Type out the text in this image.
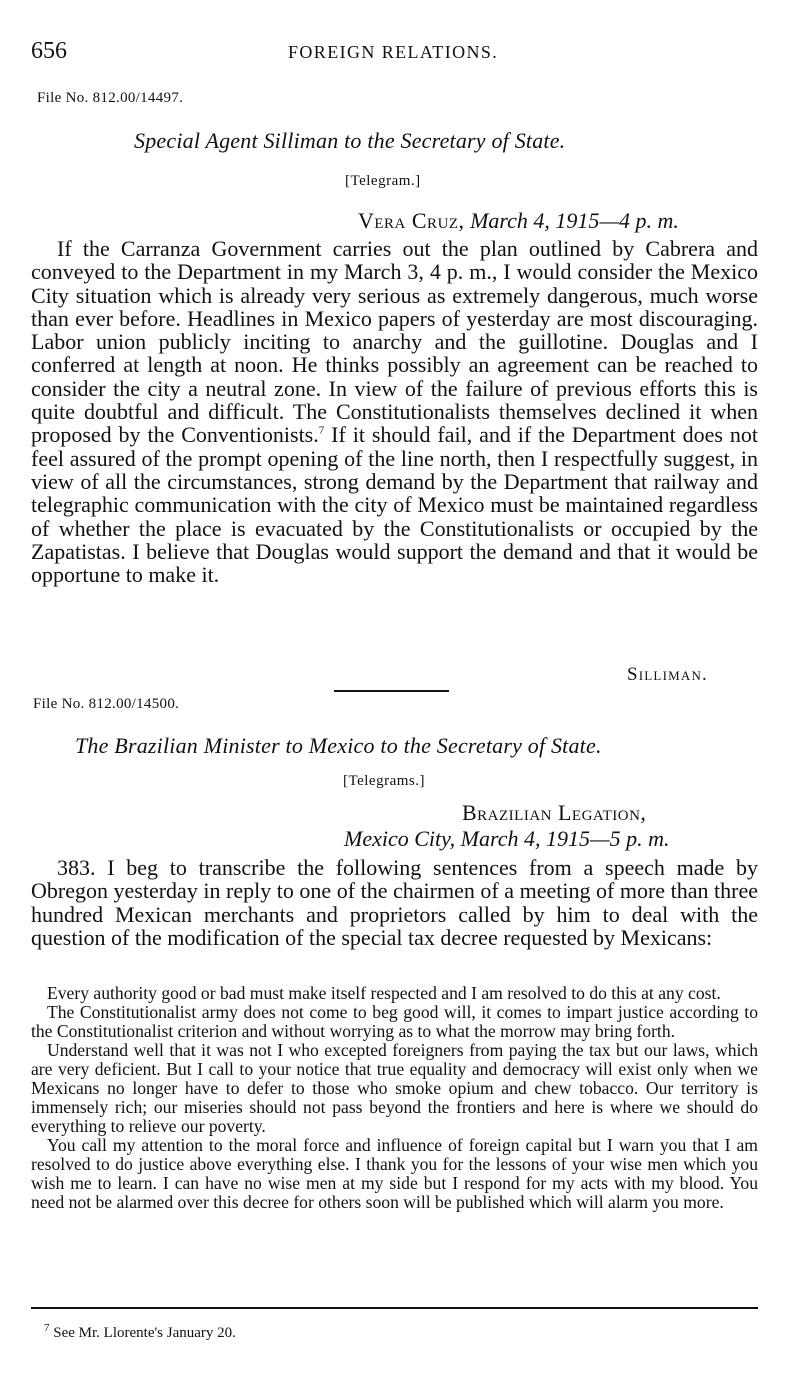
656	FOREIGN RELATIONS.
File No. 812.00/14497.
Special Agent Silliman to the Secretary of State.
[Telegram.]
Vera Cruz, March 4, 1915—4 p. m.
If the Carranza Government carries out the plan outlined by Cabrera and conveyed to the Department in my March 3, 4 p. m., I would consider the Mexico City situation which is already very serious as extremely dangerous, much worse than ever before. Headlines in Mexico papers of yesterday are most discouraging. Labor union publicly inciting to anarchy and the guillotine. Douglas and I conferred at length at noon. He thinks possibly an agreement can be reached to consider the city a neutral zone. In view of the failure of previous efforts this is quite doubtful and difficult. The Constitutionalists themselves declined it when proposed by the Conventionists.$^7$ If it should fail, and if the Department does not feel assured of the prompt opening of the line north, then I respectfully suggest, in view of all the circumstances, strong demand by the Department that railway and telegraphic communication with the city of Mexico must be maintained regardless of whether the place is evacuated by the Constitutionalists or occupied by the Zapatistas. I believe that Douglas would support the demand and that it would be opportune to make it.
Silliman.
File No. 812.00/14500.
The Brazilian Minister to Mexico to the Secretary of State.
[Telegrams.]
Brazilian Legation,
Mexico City, March 4, 1915—5 p. m.
383. I beg to transcribe the following sentences from a speech made by Obregon yesterday in reply to one of the chairmen of a meeting of more than three hundred Mexican merchants and proprietors called by him to deal with the question of the modification of the special tax decree requested by Mexicans:

Every authority good or bad must make itself respected and I am resolved to do this at any cost.

The Constitutionalist army does not come to beg good will, it comes to impart justice according to the Constitutionalist criterion and without worrying as to what the morrow may bring forth.

Understand well that it was not I who excepted foreigners from paying the tax but our laws, which are very deficient. But I call to your notice that true equality and democracy will exist only when we Mexicans no longer have to defer to those who smoke opium and chew tobacco. Our territory is immensely rich; our miseries should not pass beyond the frontiers and here is where we should do everything to relieve our poverty.

You call my attention to the moral force and influence of foreign capital but I warn you that I am resolved to do justice above everything else. I thank you for the lessons of your wise men which you wish me to learn. I can have no wise men at my side but I respond for my acts with my blood. You need not be alarmed over this decree for others soon will be published which will alarm you more.

$^7$ See Mr. Llorente's January 20.
